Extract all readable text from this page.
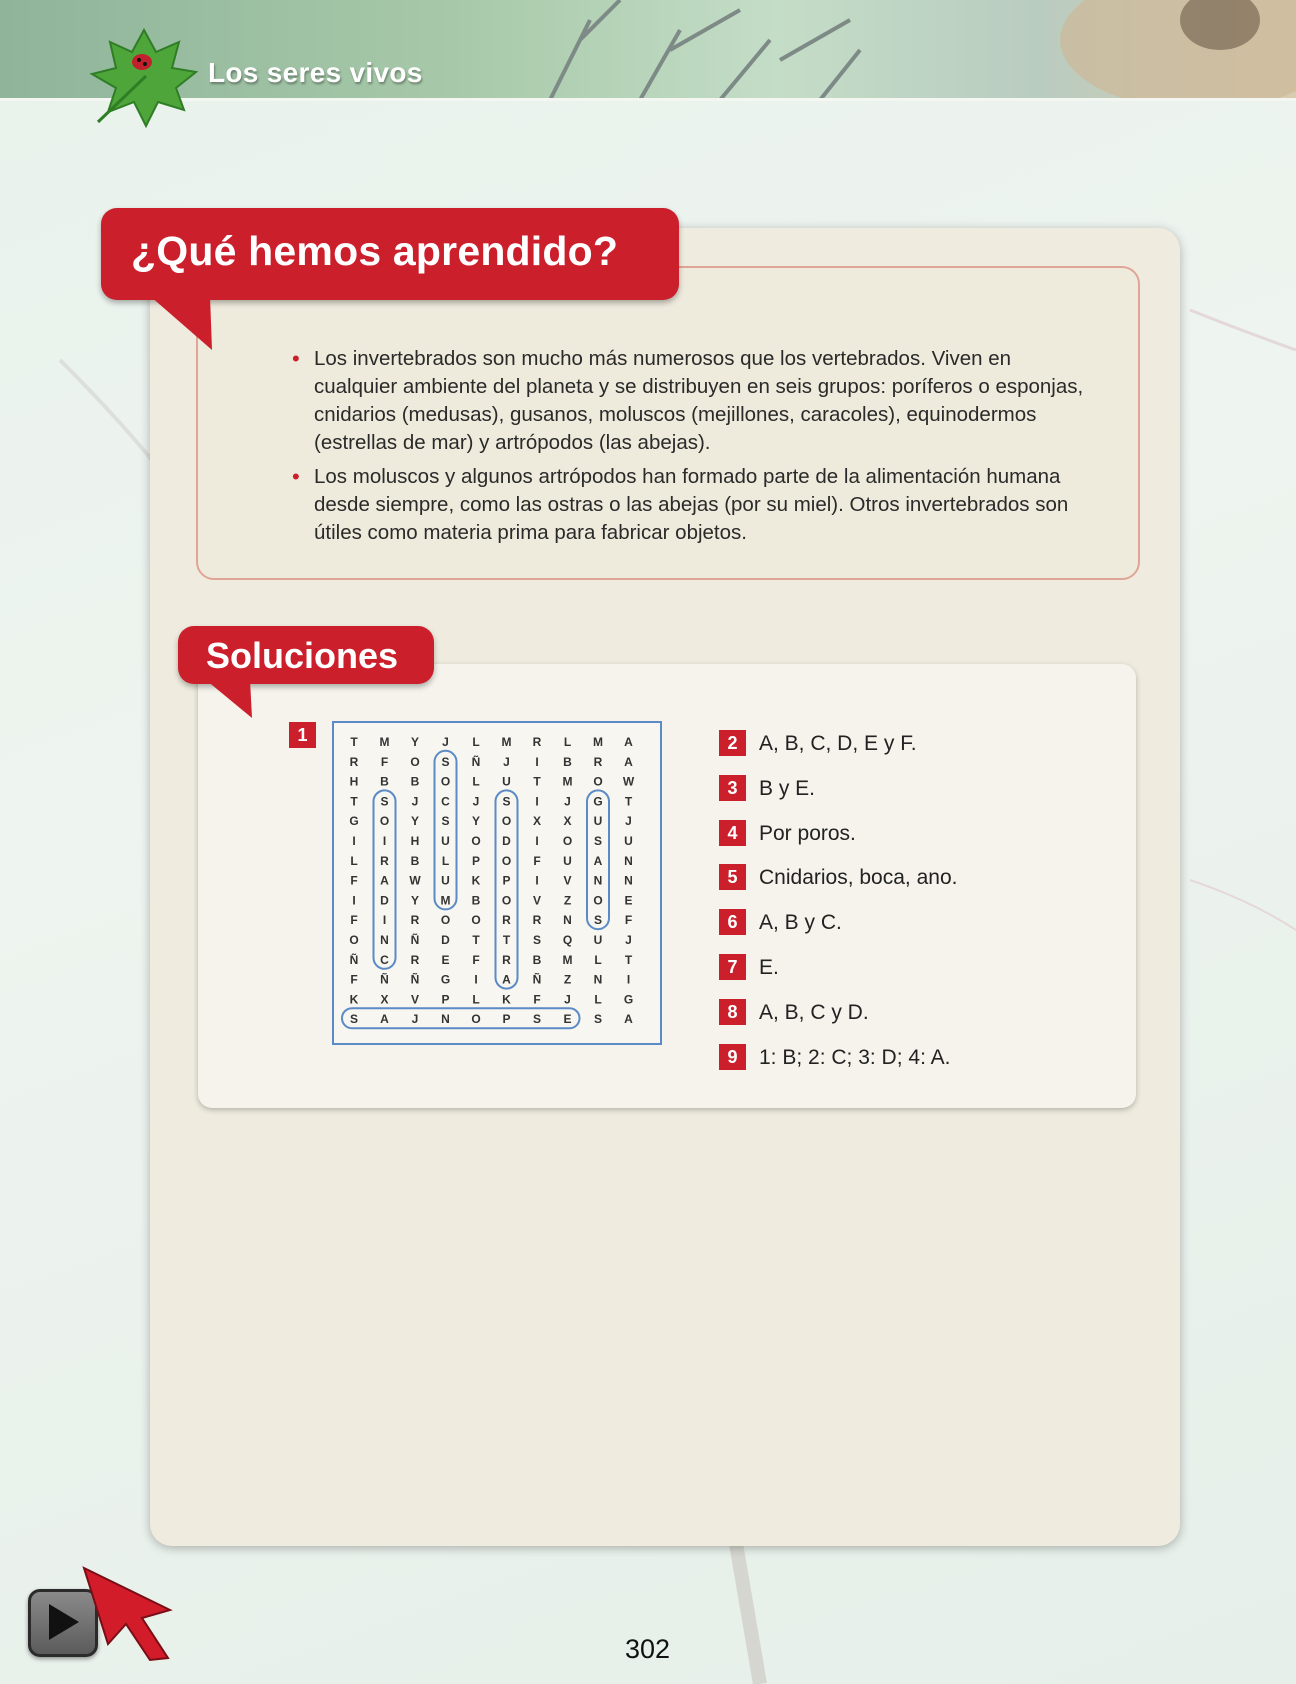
Los seres vivos
¿Qué hemos aprendido?
• Los invertebrados son mucho más numerosos que los vertebrados. Viven en cualquier ambiente del planeta y se distribuyen en seis grupos: poríferos o esponjas, cnidarios (medusas), gusanos, moluscos (mejillones, caracoles), equinodermos (estrellas de mar) y artrópodos (las abejas).
• Los moluscos y algunos artrópodos han formado parte de la alimentación humana desde siempre, como las ostras o las abejas (por su miel). Otros invertebrados son útiles como materia prima para fabricar objetos.
Soluciones
1	T M Y J L M R L M A
R F O S Ñ J I B R A
H B B O L U T M O W
T S J C J S I J G T
G O Y S Y O X X U J
I I H U O D I O S U
L R B L P O F U A N
F A W U K P I V N N
I D Y M B O V Z O E
F I R O O R R N S F
O N Ñ D T T S Q U J
Ñ C R E F R B M L T
F Ñ Ñ G I A Ñ Z N I
K X V P L K F J L G
S A J N O P S E S A
2	A, B, C, D, E y F.
3	B y E.
4	Por poros.
5	Cnidarios, boca, ano.
6	A, B y C.
7	E.
8	A, B, C y D.
9	1: B; 2: C; 3: D; 4: A.
302
